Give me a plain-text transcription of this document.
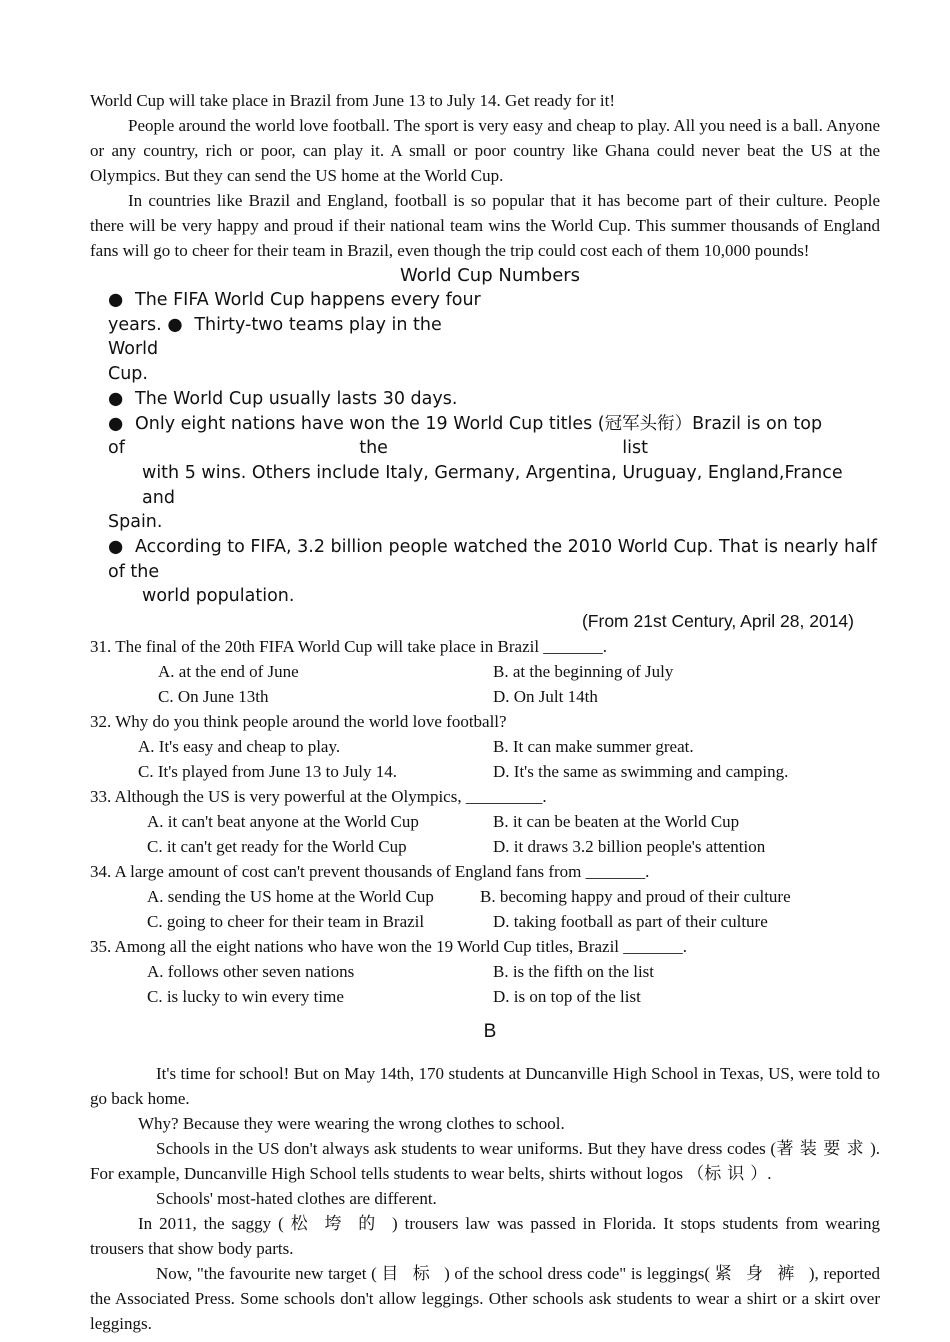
World Cup will take place in Brazil from June 13 to July 14. Get ready for it!

People around the world love football. The sport is very easy and cheap to play. All you need is a ball. Anyone or any country, rich or poor, can play it. A small or poor country like Ghana could never beat the US at the Olympics. But they can send the US home at the World Cup.

In countries like Brazil and England, football is so popular that it has become part of their culture. People there will be very happy and proud if their national team wins the World Cup. This summer thousands of England fans will go to cheer for their team in Brazil, even though the trip could cost each of them 10,000 pounds!

World Cup Numbers

● The FIFA World Cup happens every four

years. ● Thirty-two teams play in the World

Cup.

● The World Cup usually lasts 30 days.

● Only eight nations have won the 19 World Cup titles (冠军头衔）Brazil is on top

of	the	list

with 5 wins. Others include Italy, Germany, Argentina, Uruguay, England,France and

Spain.

● According to FIFA, 3.2 billion people watched the 2010 World Cup. That is nearly half

of the

world population.

(From 21st Century, April 28, 2014)

31. The final of the 20th FIFA World Cup will take place in Brazil _______.

A. at the end of June	B. at the beginning of July
C. On June 13th	D. On Jult 14th

32. Why do you think people around the world love football?

A. It's easy and cheap to play.	B. It can make summer great.
C. It's played from June 13 to July 14.	D. It's the same as swimming and camping.

33. Although the US is very powerful at the Olympics, _________.

A. it can't beat anyone at the World Cup	B. it can be beaten at the World Cup
C. it can't get ready for the World Cup	D. it draws 3.2 billion people's attention

34. A large amount of cost can't prevent thousands of England fans from _______.

A. sending the US home at the World Cup	B. becoming happy and proud of their culture
C. going to cheer for their team in Brazil	D. taking football as part of their culture

35. Among all the eight nations who have won the 19 World Cup titles, Brazil _______.

A. follows other seven nations	B. is the fifth on the list
C. is lucky to win every time	D. is on top of the list

B

It's time for school! But on May 14th, 170 students at Duncanville High School in Texas, US, were told to go back home.

Why? Because they were wearing the wrong clothes to school.

Schools in the US don't always ask students to wear uniforms. But they have dress codes (著装要求). For example, Duncanville High School tells students to wear belts, shirts without logos （标识）.

Schools' most-hated clothes are different.

In 2011, the saggy ( 松垮的) trousers law was passed in Florida. It stops students from wearing trousers that show body parts.

Now, "the favourite new target ( 目标) of the school dress code" is leggings( 紧身裤), reported the Associated Press. Some schools don't allow leggings. Other schools ask students to wear a shirt or a skirt over leggings.
